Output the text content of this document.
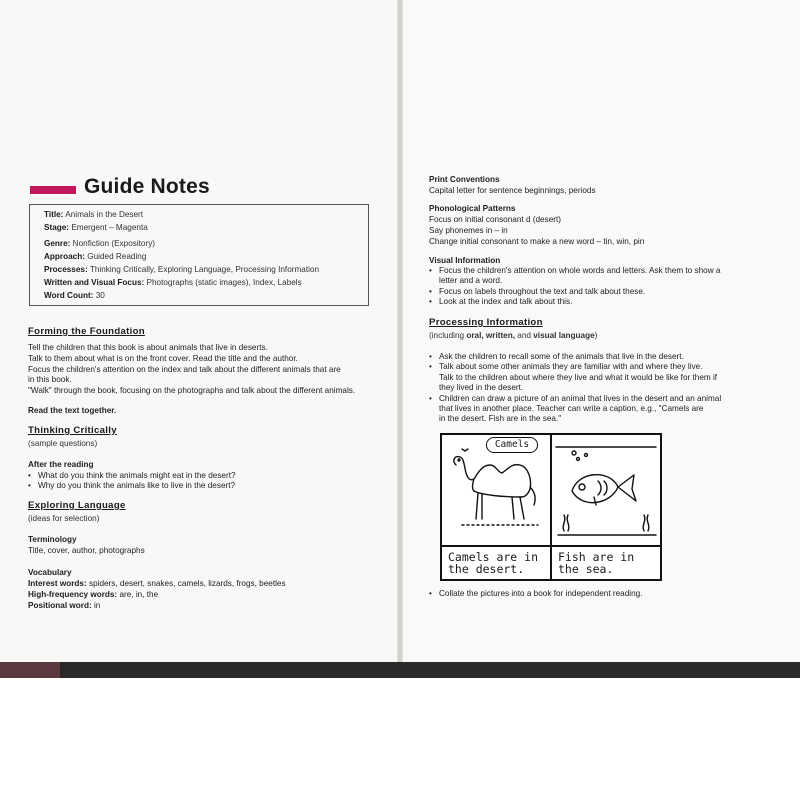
Guide Notes
Title: Animals in the Desert
Stage: Emergent – Magenta
Genre: Nonfiction (Expository)
Approach: Guided Reading
Processes: Thinking Critically, Exploring Language, Processing Information
Written and Visual Focus: Photographs (static images), Index, Labels
Word Count: 30
Forming the Foundation
Tell the children that this book is about animals that live in deserts.
Talk to them about what is on the front cover. Read the title and the author.
Focus the children's attention on the index and talk about the different animals that are
in this book.
"Walk" through the book, focusing on the photographs and talk about the different animals.
Read the text together.
Thinking Critically
(sample questions)
After the reading
• What do you think the animals might eat in the desert?
• Why do you think the animals like to live in the desert?
Exploring Language
(ideas for selection)
Terminology
Title, cover, author, photographs
Vocabulary
Interest words: spiders, desert, snakes, camels, lizards, frogs, beetles
High-frequency words: are, in, the
Positional word: in
Print Conventions
Capital letter for sentence beginnings, periods
Phonological Patterns
Focus on initial consonant d (desert)
Say phonemes in – in
Change initial consonant to make a new word – tin, win, pin
Visual Information
• Focus the children's attention on whole words and letters. Ask them to show a
letter and a word.
• Focus on labels throughout the text and talk about these.
• Look at the index and talk about this.
Processing Information
(including oral, written, and visual language)
• Ask the children to recall some of the animals that live in the desert.
• Talk about some other animals they are familiar with and where they live.
Talk to the children about where they live and what it would be like for them if
they lived in the desert.
• Children can draw a picture of an animal that lives in the desert and an animal
that lives in another place. Teacher can write a caption, e.g., "Camels are
in the desert. Fish are in the sea."
Camels
Camels are in
the desert.
Fish are in
the sea.
• Collate the pictures into a book for independent reading.
